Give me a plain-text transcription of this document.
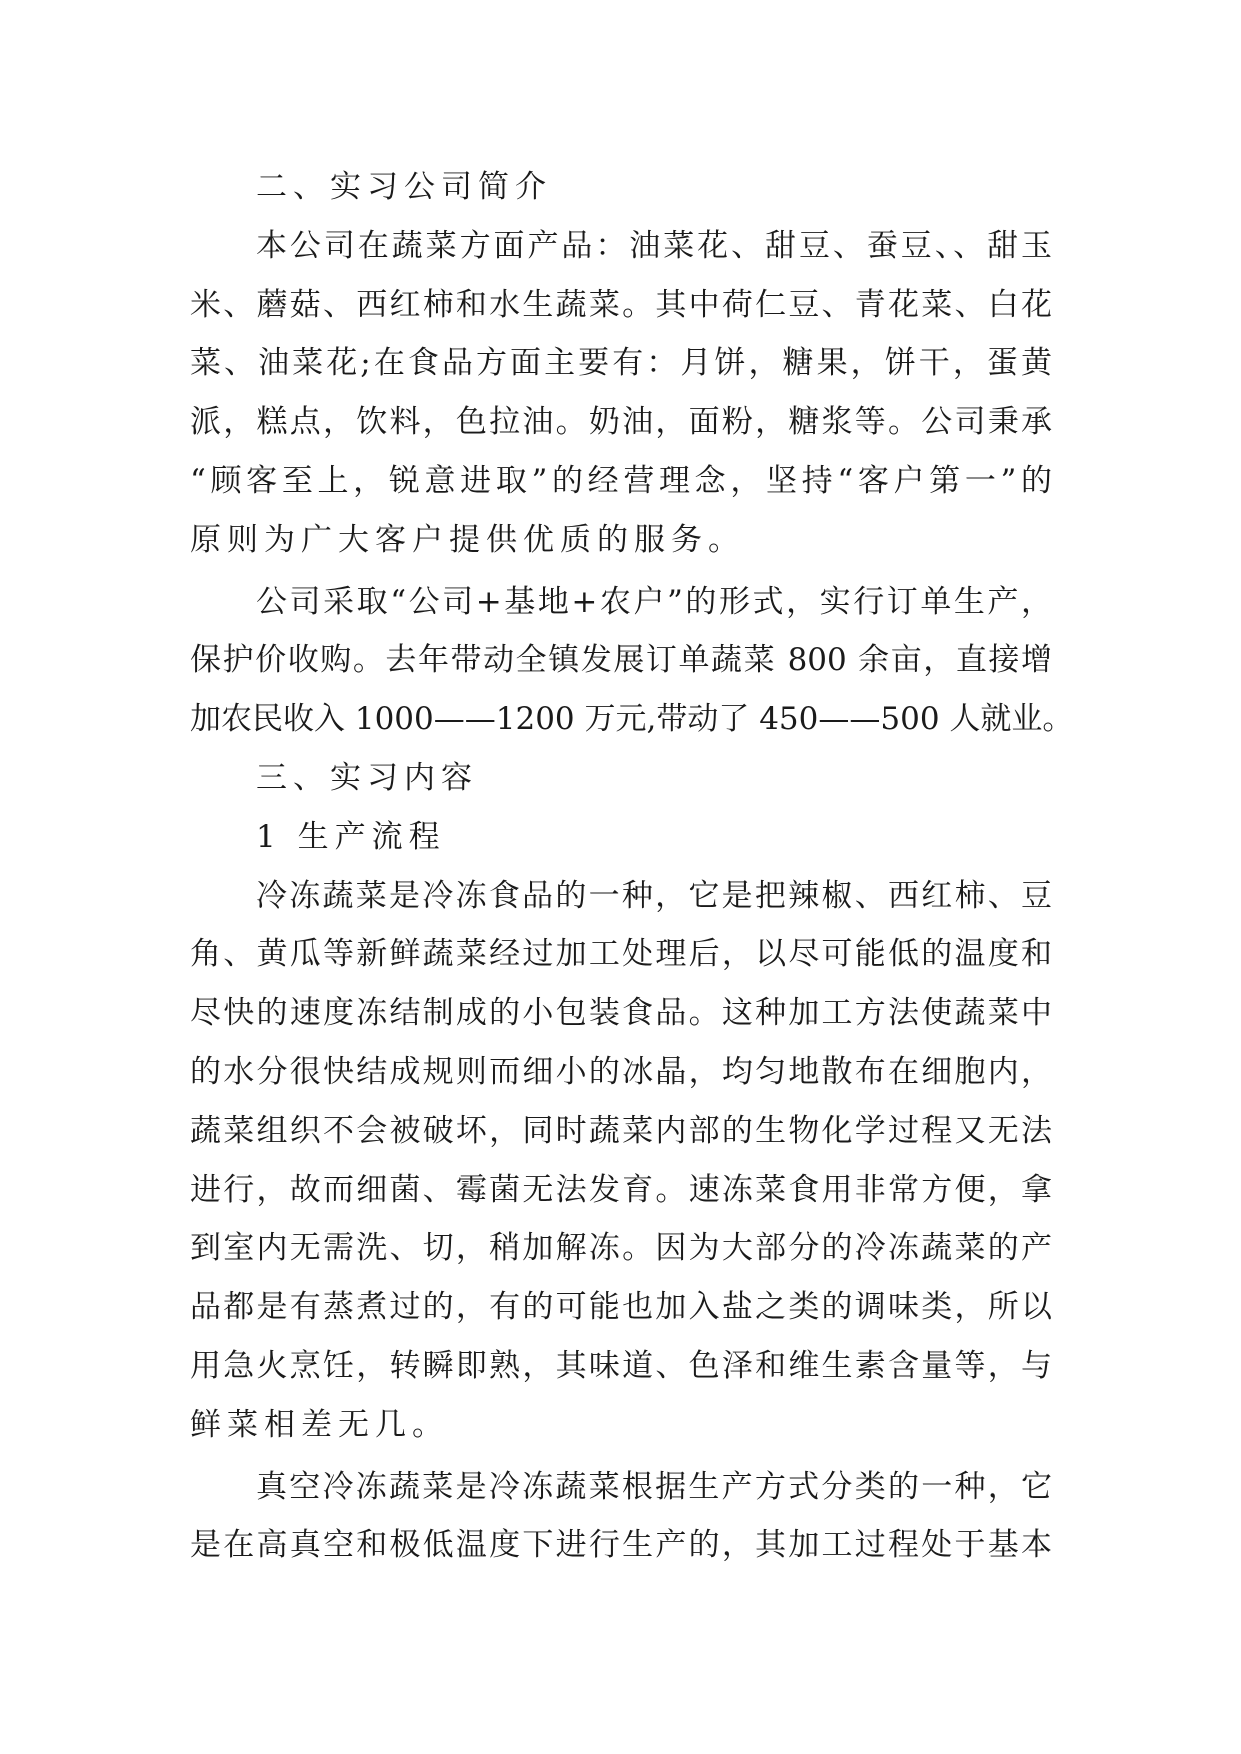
二、实习公司简介
本公司在蔬菜方面产品：油菜花、甜豆、蚕豆、、甜玉
米、蘑菇、西红柿和水生蔬菜。其中荷仁豆、青花菜、白花
菜、油菜花;在食品方面主要有：月饼，糖果，饼干，蛋黄
派，糕点，饮料，色拉油。奶油，面粉，糖浆等。公司秉承
“顾客至上，锐意进取”的经营理念，坚持“客户第一”的
原则为广大客户提供优质的服务。
公司采取“公司+基地+农户”的形式，实行订单生产，
保护价收购。去年带动全镇发展订单蔬菜 800 余亩，直接增
加农民收入 1000——1200 万元,带动了 450——500 人就业。
三、实习内容
1 生产流程
冷冻蔬菜是冷冻食品的一种，它是把辣椒、西红柿、豆
角、黄瓜等新鲜蔬菜经过加工处理后，以尽可能低的温度和
尽快的速度冻结制成的小包装食品。这种加工方法使蔬菜中
的水分很快结成规则而细小的冰晶，均匀地散布在细胞内，
蔬菜组织不会被破坏，同时蔬菜内部的生物化学过程又无法
进行，故而细菌、霉菌无法发育。速冻菜食用非常方便，拿
到室内无需洗、切，稍加解冻。因为大部分的冷冻蔬菜的产
品都是有蒸煮过的，有的可能也加入盐之类的调味类，所以
用急火烹饪，转瞬即熟，其味道、色泽和维生素含量等，与
鲜菜相差无几。
真空冷冻蔬菜是冷冻蔬菜根据生产方式分类的一种，它
是在高真空和极低温度下进行生产的，其加工过程处于基本
